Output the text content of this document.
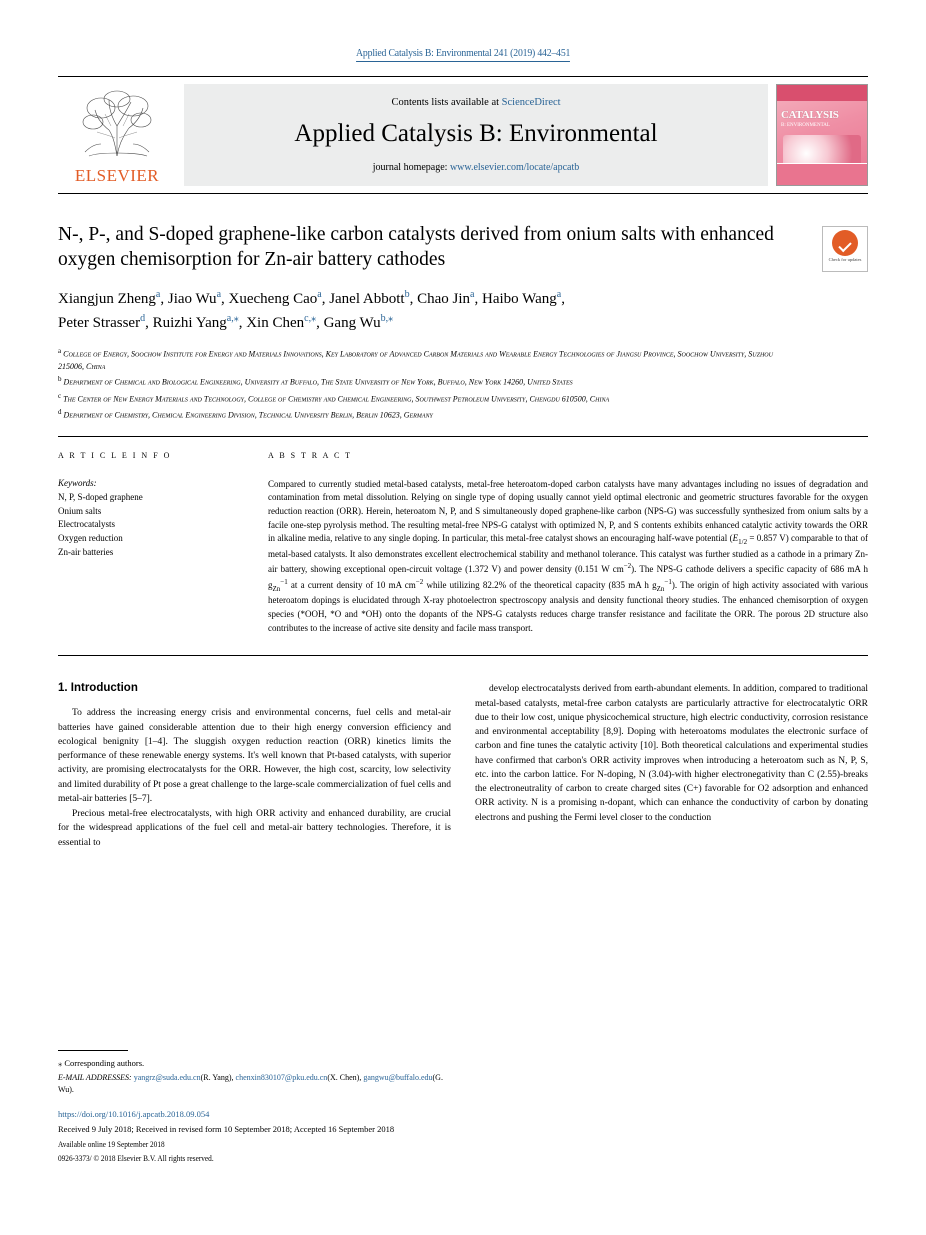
Applied Catalysis B: Environmental 241 (2019) 442–451
ELSEVIER
Contents lists available at ScienceDirect
Applied Catalysis B: Environmental
journal homepage: www.elsevier.com/locate/apcatb
CATALYSIS
B: ENVIRONMENTAL
N-, P-, and S-doped graphene-like carbon catalysts derived from onium salts with enhanced oxygen chemisorption for Zn-air battery cathodes	Check for updates
Xiangjun Zheng$^a$, Jiao Wu$^a$, Xuecheng Cao$^a$, Janel Abbott$^b$, Chao Jin$^a$, Haibo Wang$^a$,
Peter Strasser$^d$, Ruizhi Yang$^{a,⁎}$, Xin Chen$^{c,⁎}$, Gang $Wu^{b,⁎}$
$^a$ College of Energy, Soochow Institute for Energy and Materials Innovations, Key Laboratory of Advanced Carbon Materials and Wearable Energy Technologies of Jiangsu Province, Soochow University, Suzhou 215006, China
$^b$ Department of Chemical and Biological Engineering, University at Buffalo, The State University of New York, Buffalo, New York 14260, United States
$^c$ The Center of New Energy Materials and Technology, College of Chemistry and Chemical Engineering, Southwest Petroleum University, Chengdu 610500, China
$^d$ Department of Chemistry, Chemical Engineering Division, Technical University Berlin, Berlin 10623, Germany
A R T I C L E I N F O
Keywords:
N, P, S-doped graphene
Onium salts
Electrocatalysts
Oxygen reduction
Zn-air batteries
A B S T R A C T
Compared to currently studied metal-based catalysts, metal-free heteroatom-doped carbon catalysts have many advantages including no issues of degradation and contamination from metal dissolution. Relying on single type of doping usually cannot yield optimal electronic and geometric structures favorable for the oxygen reduction reaction (ORR). Herein, heteroatom N, P, and S simultaneously doped graphene-like carbon (NPS-G) was successfully synthesized from onium salts by a facile one-step pyrolysis method. The resulting metal-free NPS-G catalyst with optimized N, P, and S contents exhibits enhanced catalytic activity towards the ORR in alkaline media, relative to any single doping. In particular, this metal-free catalyst shows an encouraging half-wave potential ($E_{1/2} = 0.857$ V) comparable to that of metal-based catalysts. It also demonstrates excellent electrochemical stability and methanol tolerance. This catalyst was further studied as a cathode in a primary Zn-air battery, showing exceptional open-circuit voltage (1.372 V) and power density (0.151 W $cm^{-2}$). The NPS-G cathode delivers a specific capacity of 686 mA h $g_{Zn}^{-1}$ at a current density of 10 mA $cm^{-2}$ while utilizing 82.2% of the theoretical capacity (835 mA h $g_{Zn}^{-1}$). The origin of high activity associated with various heteroatom dopings is elucidated through X-ray photoelectron spectroscopy analysis and density functional theory studies. The enhanced chemisorption of oxygen species (*OOH, *O and *OH) onto the dopants of the NPS-G catalysts reduces charge transfer resistance and facilitate the ORR. The porous 2D structure also contributes to the increase of active site density and facile mass transport.
1. Introduction

To address the increasing energy crisis and environmental concerns, fuel cells and metal-air batteries have gained considerable attention due to their high energy conversion efficiency and ecological benignity [1–4]. The sluggish oxygen reduction reaction (ORR) kinetics limits the performance of these renewable energy systems. It's well known that Pt-based catalysts, with superior activity, are promising electrocatalysts for the ORR. However, the high cost, scarcity, low selectivity and limited durability of Pt pose a great challenge to the large-scale commercialization of fuel cells and metal-air batteries [5–7].

Precious metal-free electrocatalysts, with high ORR activity and enhanced durability, are crucial for the widespread applications of the fuel cell and metal-air battery technologies. Therefore, it is essential to

develop electrocatalysts derived from earth-abundant elements. In addition, compared to traditional metal-based catalysts, metal-free carbon catalysts are particularly attractive for electrocatalytic ORR due to their low cost, unique physicochemical structure, high electric conductivity, corrosion resistance and environmental acceptability [8,9]. Doping with heteroatoms modulates the electronic surface of carbon and fine tunes the catalytic activity [10]. Both theoretical calculations and experimental studies have confirmed that carbon's ORR activity improves when introducing a heteroatom such as N, P, S, etc. into the carbon lattice. For N-doping, N (3.04)-with higher electronegativity than C (2.55)-breaks the electroneutrality of carbon to create charged sites (C+) favorable for O2 adsorption and enhanced ORR activity. N is a promising n-dopant, which can enhance the conductivity of carbon by donating electrons and pushing the Fermi level closer to the conduction

⁎ Corresponding authors.
E-MAIL ADDRESSES: yangrz@suda.edu.cn(R. Yang), chenxin830107@pku.edu.cn(X. Chen), gangwu@buffalo.edu(G. Wu).
https://doi.org/10.1016/j.apcatb.2018.09.054
Received 9 July 2018; Received in revised form 10 September 2018; Accepted 16 September 2018
Available online 19 September 2018
0926-3373/ © 2018 Elsevier B.V. All rights reserved.
